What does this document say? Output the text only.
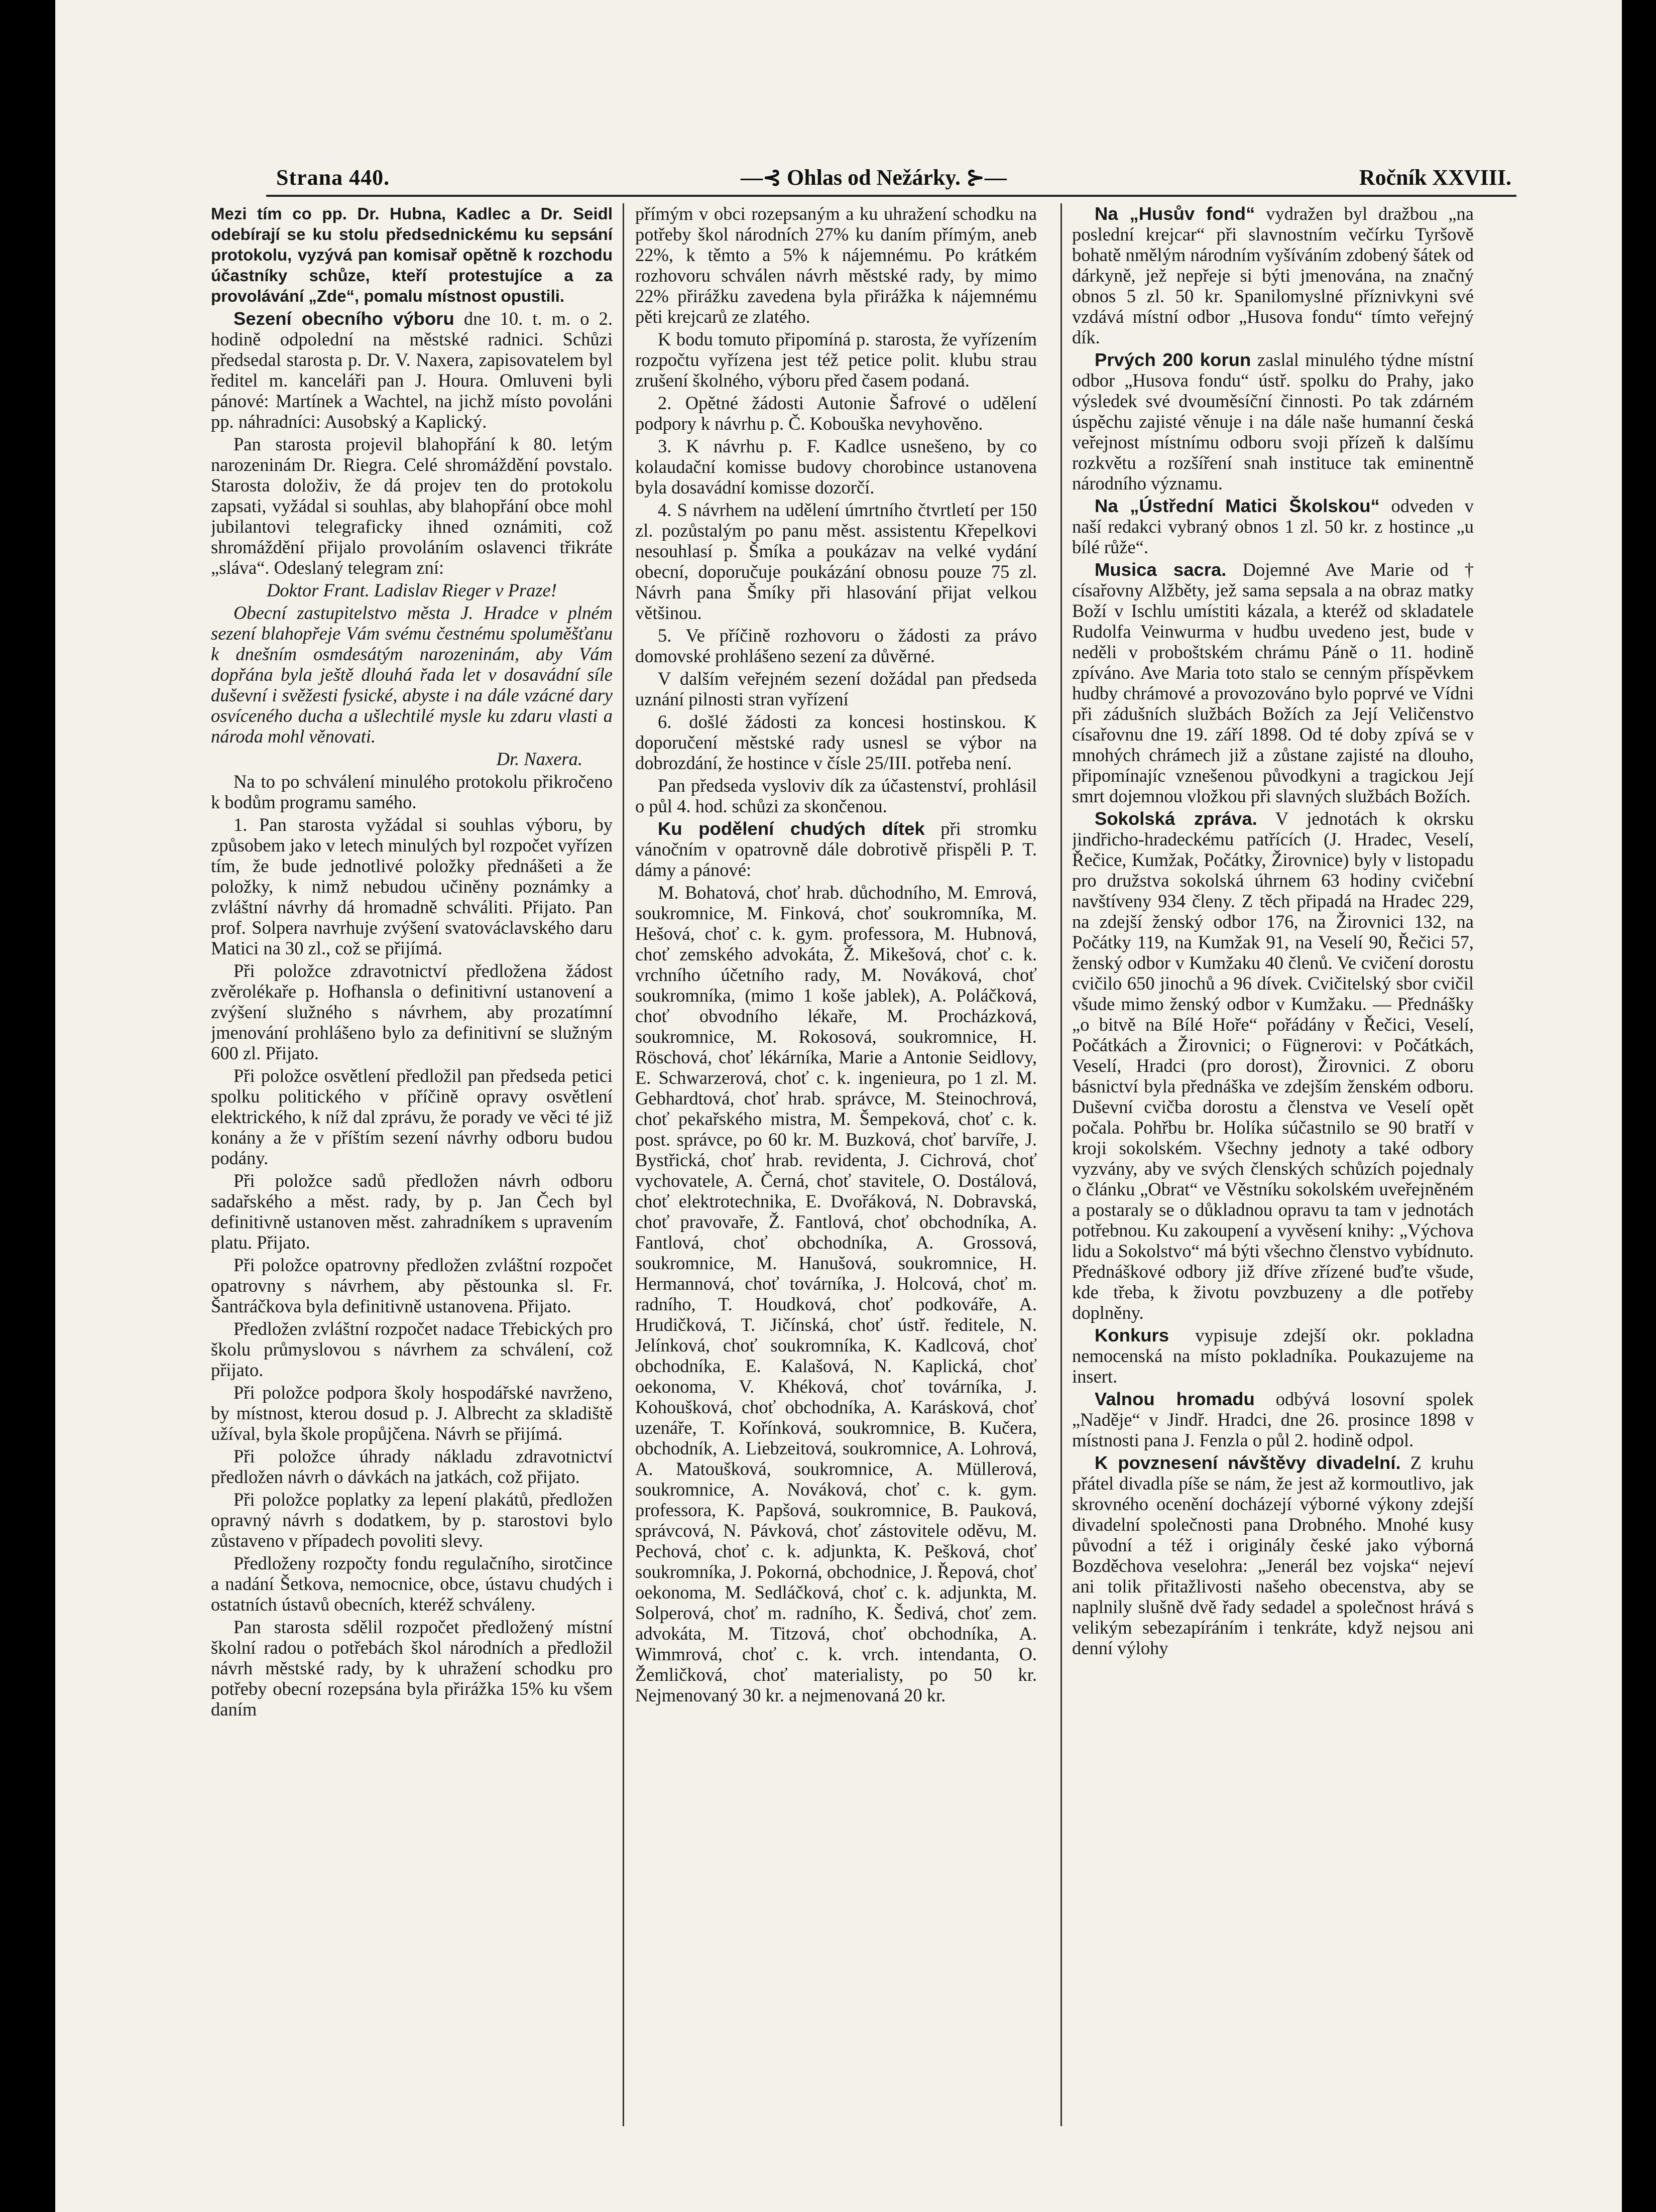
Strana 440.	—⊰ Ohlas od Nežárky. ⊱—	Ročník XXVIII.

Mezi tím co pp. Dr. Hubna, Kadlec a Dr. Seidl odebírají se ku stolu předsednickému ku sepsání protokolu, vyzývá pan komisař opětně k rozchodu účastníky schůze, kteří protestujíce a za provolávání „Zde“, pomalu místnost opustili.

Sezení obecního výboru dne 10. t. m. o 2. hodině odpolední na městské radnici. Schůzi předsedal starosta p. Dr. V. Naxera, zapisovatelem byl ředitel m. kanceláři pan J. Houra. Omluveni byli pánové: Martínek a Wachtel, na jichž místo povoláni pp. náhradníci: Ausobský a Kaplický.

Pan starosta projevil blahopřání k 80. letým narozeninám Dr. Riegra. Celé shromáždění povstalo. Starosta doloživ, že dá projev ten do protokolu zapsati, vyžádal si souhlas, aby blahopřání obce mohl jubilantovi telegraficky ihned oznámiti, což shromáždění přijalo provoláním oslavenci třikráte „sláva“. Odeslaný telegram zní:

Doktor Frant. Ladislav Rieger v Praze!

Obecní zastupitelstvo města J. Hradce v plném sezení blahopřeje Vám svému čestnému spoluměšťanu k dnešním osmdesátým narozeninám, aby Vám dopřána byla ještě dlouhá řada let v dosavádní síle duševní i svěžesti fysické, abyste i na dále vzácné dary osvíceného ducha a ušlechtilé mysle ku zdaru vlasti a národa mohl věnovati.

Dr. Naxera.

Na to po schválení minulého protokolu přikročeno k bodům programu samého.

1. Pan starosta vyžádal si souhlas výboru, by způsobem jako v letech minulých byl rozpočet vyřízen tím, že bude jednotlivé položky přednášeti a že položky, k nimž nebudou učiněny poznámky a zvláštní návrhy dá hromadně schváliti. Přijato. Pan prof. Solpera navrhuje zvýšení svatováclavského daru Matici na 30 zl., což se přijímá.

Při položce zdravotnictví předložena žádost zvěrolékaře p. Hofhansla o definitivní ustanovení a zvýšení služného s návrhem, aby prozatímní jmenování prohlášeno bylo za definitivní se služným 600 zl. Přijato.

Při položce osvětlení předložil pan předseda petici spolku politického v příčině opravy osvětlení elektrického, k níž dal zprávu, že porady ve věci té již konány a že v příštím sezení návrhy odboru budou podány.

Při položce sadů předložen návrh odboru sadařského a měst. rady, by p. Jan Čech byl definitivně ustanoven měst. zahradníkem s upravením platu. Přijato.

Při položce opatrovny předložen zvláštní rozpočet opatrovny s návrhem, aby pěstounka sl. Fr. Šantráčkova byla definitivně ustanovena. Přijato.

Předložen zvláštní rozpočet nadace Třebických pro školu průmyslovou s návrhem za schválení, což přijato.

Při položce podpora školy hospodářské navrženo, by místnost, kterou dosud p. J. Albrecht za skladiště užíval, byla škole propůjčena. Návrh se přijímá.

Při položce úhrady nákladu zdravotnictví předložen návrh o dávkách na jatkách, což přijato.

Při položce poplatky za lepení plakátů, předložen opravný návrh s dodatkem, by p. starostovi bylo zůstaveno v případech povoliti slevy.

Předloženy rozpočty fondu regulačního, sirotčince a nadání Šetkova, nemocnice, obce, ústavu chudých i ostatních ústavů obecních, kteréž schváleny.

Pan starosta sdělil rozpočet předložený místní školní radou o potřebách škol národních a předložil návrh městské rady, by k uhražení schodku pro potřeby obecní rozepsána byla přirážka 15% ku všem daním

přímým v obci rozepsaným a ku uhražení schodku na potřeby škol národních 27% ku daním přímým, aneb 22%, k těmto a 5% k nájemnému. Po krátkém rozhovoru schválen návrh městské rady, by mimo 22% přirážku zavedena byla přirážka k nájemnému pěti krejcarů ze zlatého.

K bodu tomuto připomíná p. starosta, že vyřízením rozpočtu vyřízena jest též petice polit. klubu strau zrušení školného, výboru před časem podaná.

2. Opětné žádosti Autonie Šafrové o udělení podpory k návrhu p. Č. Kobouška nevyhověno.

3. K návrhu p. F. Kadlce usnešeno, by co kolaudační komisse budovy chorobince ustanovena byla dosavádní komisse dozorčí.

4. S návrhem na udělení úmrtního čtvrtletí per 150 zl. pozůstalým po panu měst. assistentu Křepelkovi nesouhlasí p. Šmíka a poukázav na velké vydání obecní, doporučuje poukázání obnosu pouze 75 zl. Návrh pana Šmíky při hlasování přijat velkou většinou.

5. Ve příčině rozhovoru o žádosti za právo domovské prohlášeno sezení za důvěrné.

V dalším veřejném sezení dožádal pan předseda uznání pilnosti stran vyřízení

6. došlé žádosti za koncesi hostinskou. K doporučení městské rady usnesl se výbor na dobrozdání, že hostince v čísle 25/III. potřeba není.

Pan předseda vysloviv dík za účastenství, prohlásil o půl 4. hod. schůzi za skončenou.

Ku podělení chudých dítek při stromku vánočním v opatrovně dále dobrotivě přispěli P. T. dámy a pánové:

M. Bohatová, choť hrab. důchodního, M. Emrová, soukromnice, M. Finková, choť soukromníka, M. Hešová, choť c. k. gym. professora, M. Hubnová, choť zemského advokáta, Ž. Mikešová, choť c. k. vrchního účetního rady, M. Nováková, choť soukromníka, (mimo 1 koše jablek), A. Poláčková, choť obvodního lékaře, M. Procházková, soukromnice, M. Rokosová, soukromnice, H. Röschová, choť lékárníka, Marie a Antonie Seidlovy, E. Schwarzerová, choť c. k. ingenieura, po 1 zl. M. Gebhardtová, choť hrab. správce, M. Steinochrová, choť pekařského mistra, M. Šempeková, choť c. k. post. správce, po 60 kr. M. Buzková, choť barvíře, J. Bystřická, choť hrab. revidenta, J. Cichrová, choť vychovatele, A. Černá, choť stavitele, O. Dostálová, choť elektrotechnika, E. Dvořáková, N. Dobravská, choť pravovaře, Ž. Fantlová, choť obchodníka, A. Fantlová, choť obchodníka, A. Grossová, soukromnice, M. Hanušová, soukromnice, H. Hermannová, choť továrníka, J. Holcová, choť m. radního, T. Houdková, choť podkováře, A. Hrudičková, T. Jičínská, choť ústř. ředitele, N. Jelínková, choť soukromníka, K. Kadlcová, choť obchodníka, E. Kalašová, N. Kaplická, choť oekonoma, V. Khéková, choť továrníka, J. Kohoušková, choť obchodníka, A. Karásková, choť uzenáře, T. Kořínková, soukromnice, B. Kučera, obchodník, A. Liebzeitová, soukromnice, A. Lohrová, A. Matoušková, soukromnice, A. Müllerová, soukromnice, A. Nováková, choť c. k. gym. professora, K. Papšová, soukromnice, B. Pauková, správcová, N. Pávková, choť zástovitele oděvu, M. Pechová, choť c. k. adjunkta, K. Pešková, choť soukromníka, J. Pokorná, obchodnice, J. Řepová, choť oekonoma, M. Sedláčková, choť c. k. adjunkta, M. Solperová, choť m. radního, K. Šedivá, choť zem. advokáta, M. Titzová, choť obchodníka, A. Wimmrová, choť c. k. vrch. intendanta, O. Žemličková, choť materialisty, po 50 kr. Nejmenovaný 30 kr. a nejmenovaná 20 kr.

Na „Husův fond“ vydražen byl dražbou „na poslední krejcar“ při slavnostním večírku Tyršově bohatě nmělým národním vyšíváním zdobený šátek od dárkyně, jež nepřeje si býti jmenována, na značný obnos 5 zl. 50 kr. Spanilomyslné příznivkyni své vzdává místní odbor „Husova fondu“ tímto veřejný dík.

Prvých 200 korun zaslal minulého týdne místní odbor „Husova fondu“ ústř. spolku do Prahy, jako výsledek své dvouměsíční činnosti. Po tak zdárném úspěchu zajisté věnuje i na dále naše humanní česká veřejnost místnímu odboru svoji přízeň k dalšímu rozkvětu a rozšíření snah instituce tak eminentně národního významu.

Na „Ústřední Matici Školskou“ odveden v naší redakci vybraný obnos 1 zl. 50 kr. z hostince „u bílé růže“.

Musica sacra. Dojemné Ave Marie od † císařovny Alžběty, jež sama sepsala a na obraz matky Boží v Ischlu umístiti kázala, a kteréž od skladatele Rudolfa Veinwurma v hudbu uvedeno jest, bude v neděli v proboštském chrámu Páně o 11. hodině zpíváno. Ave Maria toto stalo se cenným příspěvkem hudby chrámové a provozováno bylo poprvé ve Vídni při zádušních službách Božích za Její Veličenstvo císařovnu dne 19. září 1898. Od té doby zpívá se v mnohých chrámech již a zůstane zajisté na dlouho, připomínajíc vznešenou původkyni a tragickou Její smrt dojemnou vložkou při slavných službách Božích.

Sokolská zpráva. V jednotách k okrsku jindřicho-hradeckému patřících (J. Hradec, Veselí, Řečice, Kumžak, Počátky, Žirovnice) byly v listopadu pro družstva sokolská úhrnem 63 hodiny cvičební navštíveny 934 členy. Z těch připadá na Hradec 229, na zdejší ženský odbor 176, na Žirovnici 132, na Počátky 119, na Kumžak 91, na Veselí 90, Řečici 57, ženský odbor v Kumžaku 40 členů. Ve cvičení dorostu cvičilo 650 jinochů a 96 dívek. Cvičitelský sbor cvičil všude mimo ženský odbor v Kumžaku. — Přednášky „o bitvě na Bílé Hoře“ pořádány v Řečici, Veselí, Počátkách a Žirovnici; o Fügnerovi: v Počátkách, Veselí, Hradci (pro dorost), Žirovnici. Z oboru básnictví byla přednáška ve zdejším ženském odboru. Duševní cvičba dorostu a členstva ve Veselí opět počala. Pohřbu br. Holíka súčastnilo se 90 bratří v kroji sokolském. Všechny jednoty a také odbory vyzvány, aby ve svých členských schůzích pojednaly o článku „Obrat“ ve Věstníku sokolském uveřejněném a postaraly se o důkladnou opravu ta tam v jednotách potřebnou. Ku zakoupení a vyvěsení knihy: „Výchova lidu a Sokolstvo“ má býti všechno členstvo vybídnuto. Přednáškové odbory již dříve zřízené buďte všude, kde třeba, k životu povzbuzeny a dle potřeby doplněny.

Konkurs vypisuje zdejší okr. pokladna nemocenská na místo pokladníka. Poukazujeme na insert.

Valnou hromadu odbývá losovní spolek „Naděje“ v Jindř. Hradci, dne 26. prosince 1898 v místnosti pana J. Fenzla o půl 2. hodině odpol.

K povznesení návštěvy divadelní. Z kruhu přátel divadla píše se nám, že jest až kormoutlivo, jak skrovného ocenění docházejí výborné výkony zdejší divadelní společnosti pana Drobného. Mnohé kusy původní a též i originály české jako výborná Bozděchova veselohra: „Jenerál bez vojska“ nejeví ani tolik přitažlivosti našeho obecenstva, aby se naplnily slušně dvě řady sedadel a společnost hrává s velikým sebezapíráním i tenkráte, když nejsou ani denní výlohy
